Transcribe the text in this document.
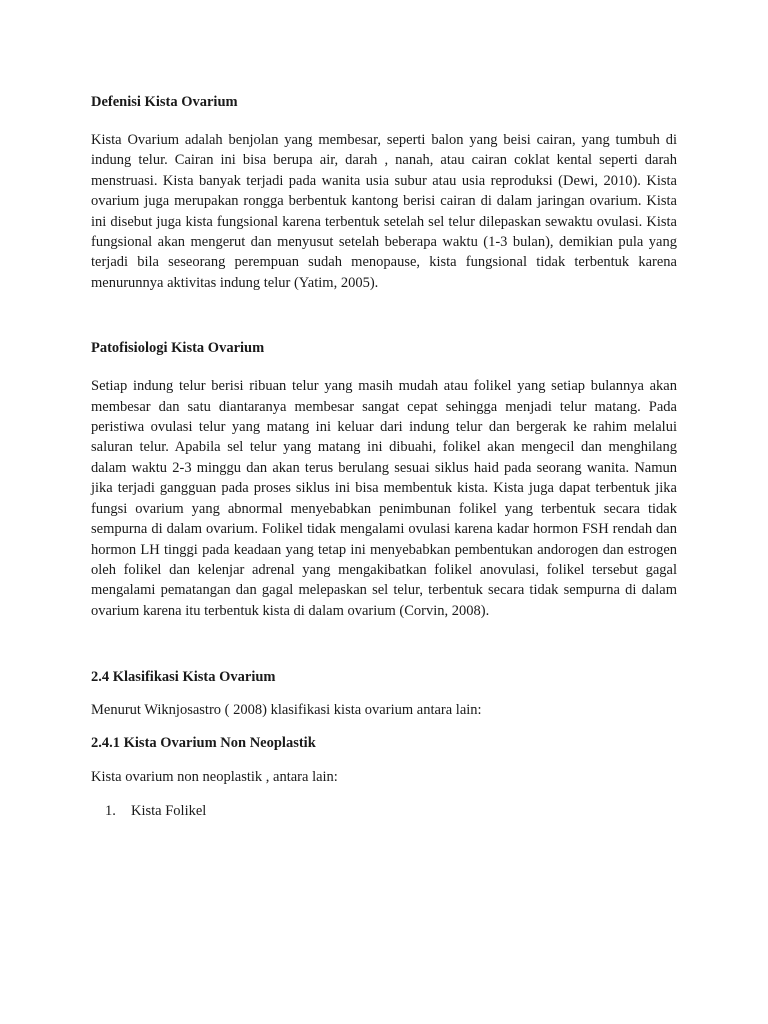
Defenisi Kista Ovarium

Kista Ovarium adalah benjolan yang membesar, seperti balon yang beisi cairan, yang tumbuh di indung telur. Cairan ini bisa berupa air, darah , nanah, atau cairan coklat kental seperti darah menstruasi. Kista banyak terjadi pada wanita usia subur atau usia reproduksi (Dewi, 2010). Kista ovarium juga merupakan rongga berbentuk kantong berisi cairan di dalam jaringan ovarium. Kista ini disebut juga kista fungsional karena terbentuk setelah sel telur dilepaskan sewaktu ovulasi. Kista fungsional akan mengerut dan menyusut setelah beberapa waktu (1-3 bulan), demikian pula yang terjadi bila seseorang perempuan sudah menopause, kista fungsional tidak terbentuk karena menurunnya aktivitas indung telur (Yatim, 2005).

Patofisiologi Kista Ovarium

Setiap indung telur berisi ribuan telur yang masih mudah atau folikel yang setiap bulannya akan membesar dan satu diantaranya membesar sangat cepat sehingga menjadi telur matang. Pada peristiwa ovulasi telur yang matang ini keluar dari indung telur dan bergerak ke rahim melalui saluran telur. Apabila sel telur yang matang ini dibuahi, folikel akan mengecil dan menghilang dalam waktu 2-3 minggu dan akan terus berulang sesuai siklus haid pada seorang wanita. Namun jika terjadi gangguan pada proses siklus ini bisa membentuk kista. Kista juga dapat terbentuk jika fungsi ovarium yang abnormal menyebabkan penimbunan folikel yang terbentuk secara tidak sempurna di dalam ovarium. Folikel tidak mengalami ovulasi karena kadar hormon FSH rendah dan hormon LH tinggi pada keadaan yang tetap ini menyebabkan pembentukan andorogen dan estrogen oleh folikel dan kelenjar adrenal yang mengakibatkan folikel anovulasi, folikel tersebut gagal mengalami pematangan dan gagal melepaskan sel telur, terbentuk secara tidak sempurna di dalam ovarium karena itu terbentuk kista di dalam ovarium (Corvin, 2008).

2.4 Klasifikasi Kista Ovarium

Menurut Wiknjosastro ( 2008) klasifikasi kista ovarium antara lain:

2.4.1 Kista Ovarium Non Neoplastik

Kista ovarium non neoplastik , antara lain:

1. Kista Folikel
